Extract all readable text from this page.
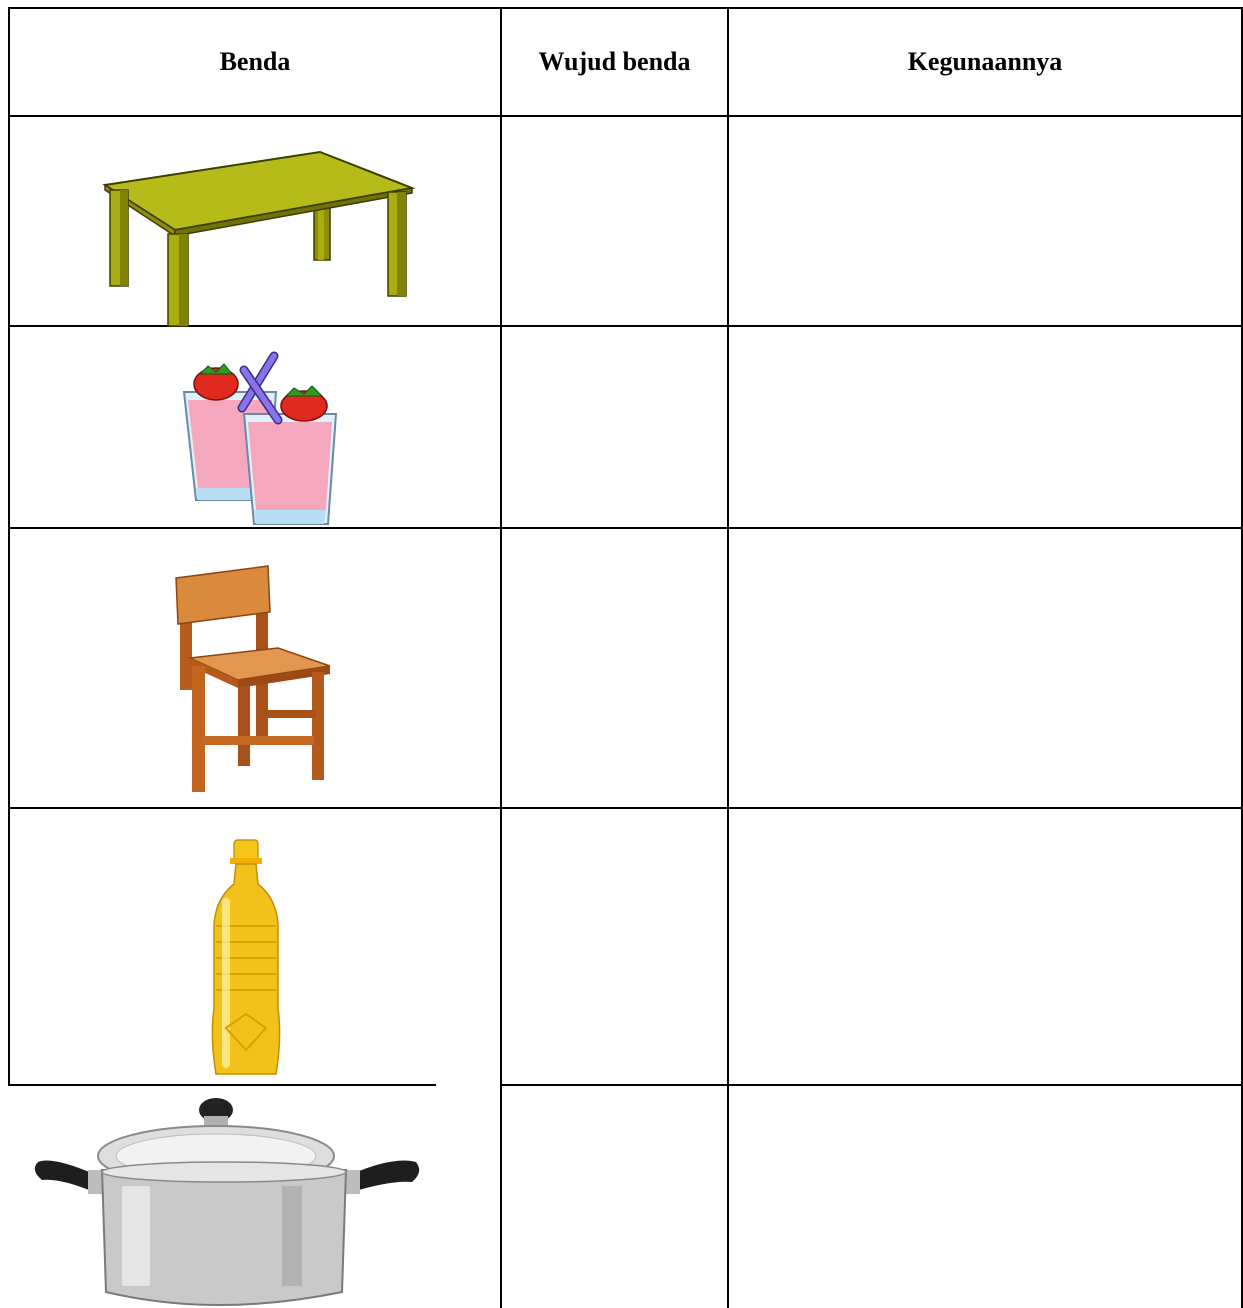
Benda	Wujud benda	Kegunaannya
